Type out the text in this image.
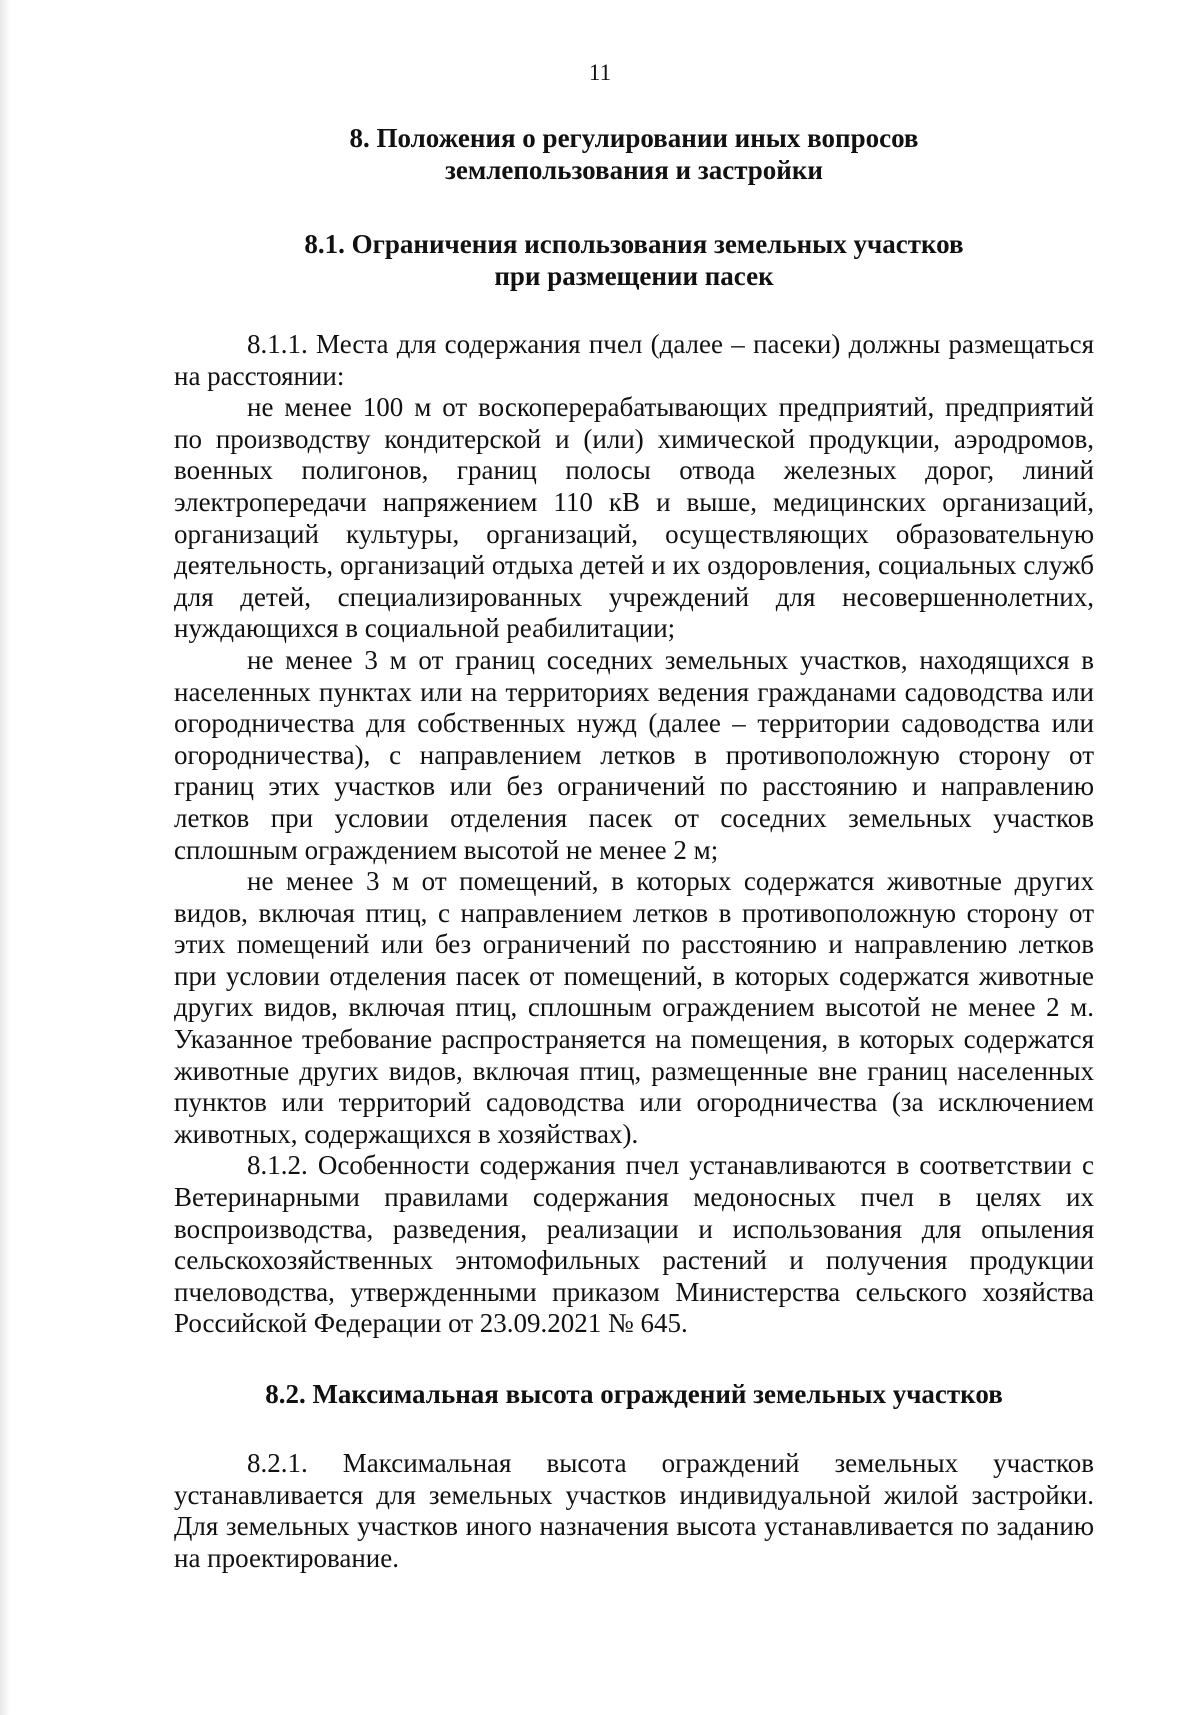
11
8. Положения о регулировании иных вопросов
землепользования и застройки
8.1. Ограничения использования земельных участков
при размещении пасек

8.1.1. Места для содержания пчел (далее – пасеки) должны размещаться на расстоянии:

не менее 100 м от воскоперерабатывающих предприятий, предприятий по производству кондитерской и (или) химической продукции, аэродромов, военных полигонов, границ полосы отвода железных дорог, линий электропередачи напряжением 110 кВ и выше, медицинских организаций, организаций культуры, организаций, осуществляющих образовательную деятельность, организаций отдыха детей и их оздоровления, социальных служб для детей, специализированных учреждений для несовершеннолетних, нуждающихся в социальной реабилитации;

не менее 3 м от границ соседних земельных участков, находящихся в населенных пунктах или на территориях ведения гражданами садоводства или огородничества для собственных нужд (далее – территории садоводства или огородничества), с направлением летков в противоположную сторону от границ этих участков или без ограничений по расстоянию и направлению летков при условии отделения пасек от соседних земельных участков сплошным ограждением высотой не менее 2 м;

не менее 3 м от помещений, в которых содержатся животные других видов, включая птиц, с направлением летков в противоположную сторону от этих помещений или без ограничений по расстоянию и направлению летков при условии отделения пасек от помещений, в которых содержатся животные других видов, включая птиц, сплошным ограждением высотой не менее 2 м. Указанное требование распространяется на помещения, в которых содержатся животные других видов, включая птиц, размещенные вне границ населенных пунктов или территорий садоводства или огородничества (за исключением животных, содержащихся в хозяйствах).

8.1.2. Особенности содержания пчел устанавливаются в соответствии с Ветеринарными правилами содержания медоносных пчел в целях их воспроизводства, разведения, реализации и использования для опыления сельскохозяйственных энтомофильных растений и получения продукции пчеловодства, утвержденными приказом Министерства сельского хозяйства Российской Федерации от 23.09.2021 № 645.

8.2. Максимальная высота ограждений земельных участков

8.2.1. Максимальная высота ограждений земельных участков устанавливается для земельных участков индивидуальной жилой застройки. Для земельных участков иного назначения высота устанавливается по заданию на проектирование.
